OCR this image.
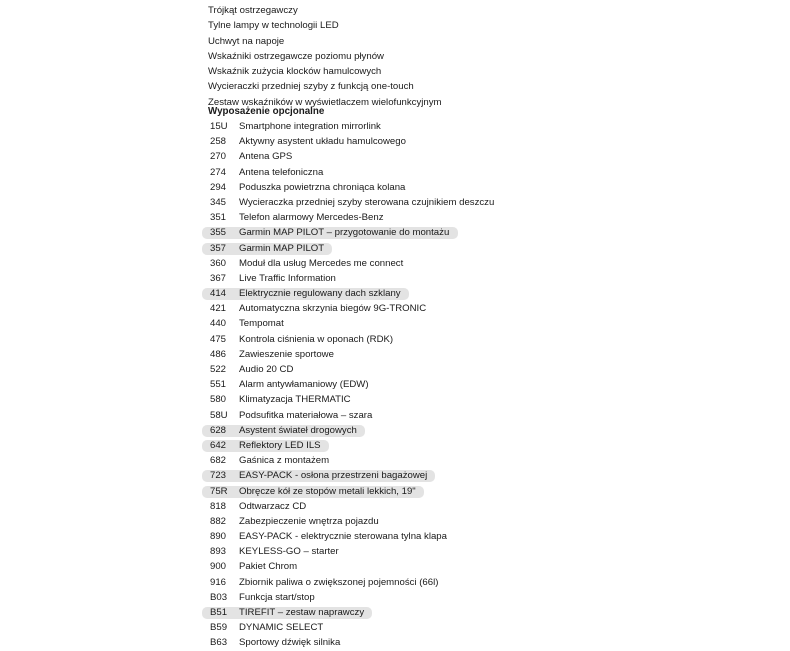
Trójkąt ostrzegawczy
Tylne lampy w technologii LED
Uchwyt na napoje
Wskaźniki ostrzegawcze poziomu płynów
Wskaźnik zużycia klocków hamulcowych
Wycieraczki przedniej szyby z funkcją one-touch
Zestaw wskaźników w wyświetlaczem wielofunkcyjnym
Wyposażenie opcjonalne
15U Smartphone integration mirrorlink
258 Aktywny asystent układu hamulcowego
270 Antena GPS
274 Antena telefoniczna
294 Poduszka powietrzna chroniąca kolana
345 Wycieraczka przedniej szyby sterowana czujnikiem deszczu
351 Telefon alarmowy Mercedes-Benz
355 Garmin MAP PILOT – przygotowanie do montażu
357 Garmin MAP PILOT
360 Moduł dla usług Mercedes me connect
367 Live Traffic Information
414 Elektrycznie regulowany dach szklany
421 Automatyczna skrzynia biegów 9G-TRONIC
440 Tempomat
475 Kontrola ciśnienia w oponach (RDK)
486 Zawieszenie sportowe
522 Audio 20 CD
551 Alarm antywłamaniowy (EDW)
580 Klimatyzacja THERMATIC
58U Podsufitka materiałowa – szara
628 Asystent świateł drogowych
642 Reflektory LED ILS
682 Gaśnica z montażem
723 EASY-PACK - osłona przestrzeni bagażowej
75R Obręcze kół ze stopów metali lekkich, 19"
818 Odtwarzacz CD
882 Zabezpieczenie wnętrza pojazdu
890 EASY-PACK - elektrycznie sterowana tylna klapa
893 KEYLESS-GO – starter
900 Pakiet Chrom
916 Zbiornik paliwa o zwiększonej pojemności (66l)
B03 Funkcja start/stop
B51 TIREFIT – zestaw naprawczy
B59 DYNAMIC SELECT
B63 Sportowy dźwięk silnika
